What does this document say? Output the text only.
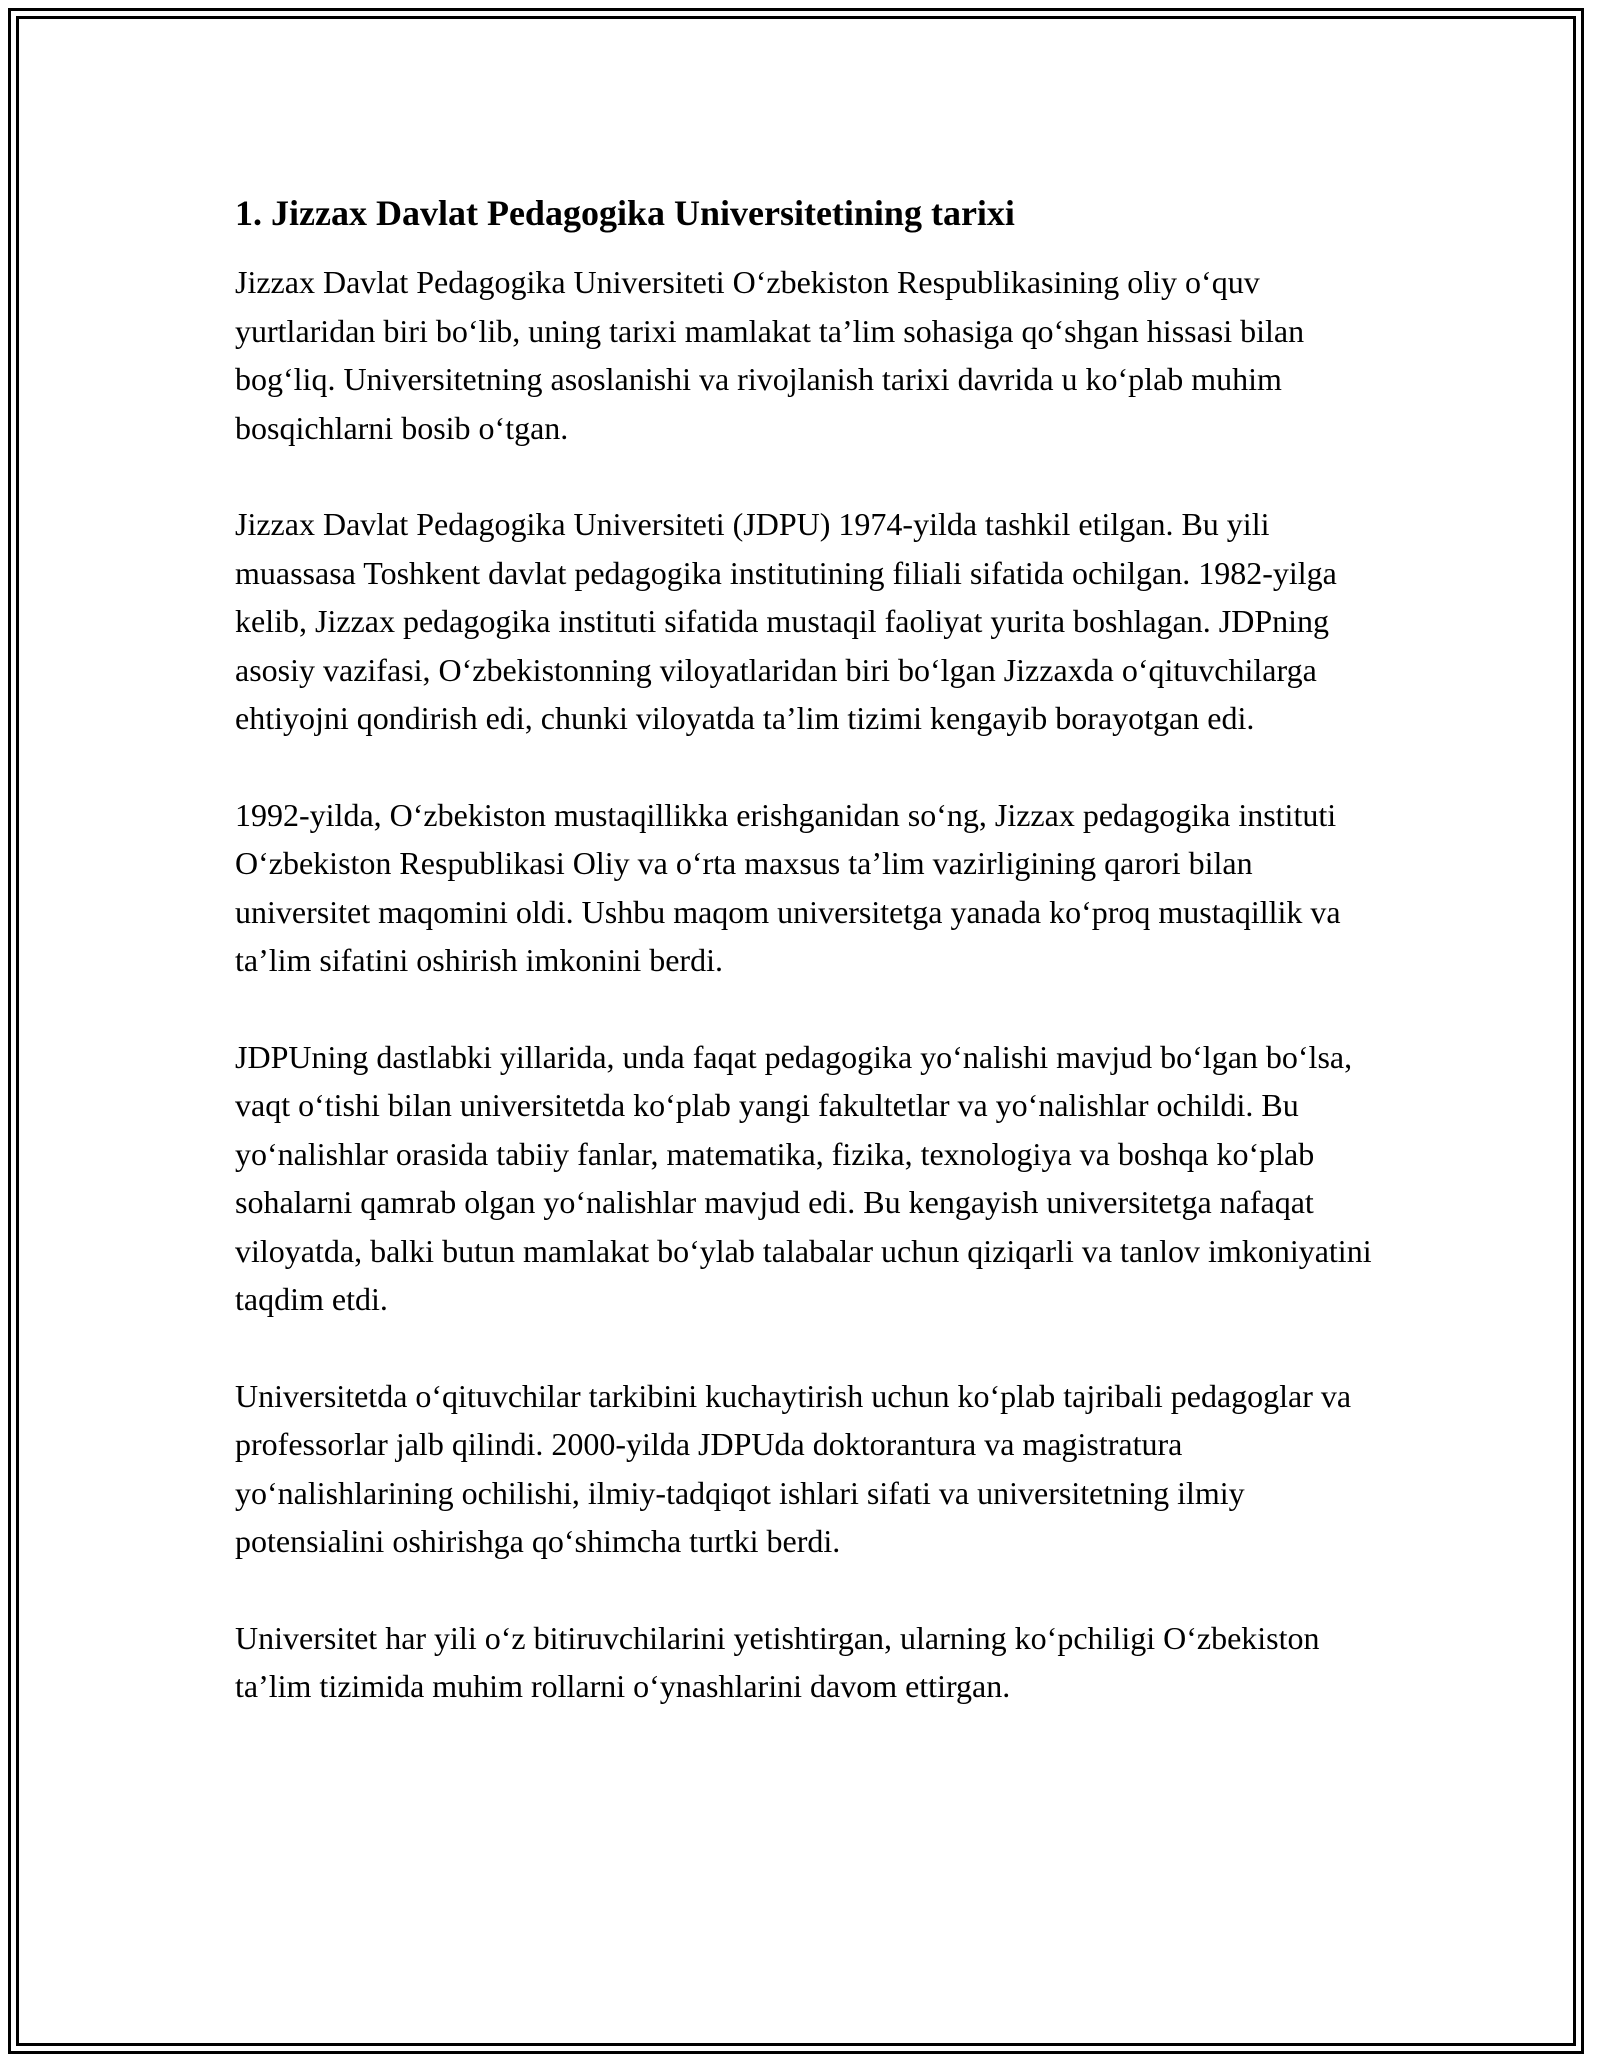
1. Jizzax Davlat Pedagogika Universitetining tarixi

Jizzax Davlat Pedagogika Universiteti O‘zbekiston Respublikasining oliy o‘quv yurtlaridan biri bo‘lib, uning tarixi mamlakat ta’lim sohasiga qo‘shgan hissasi bilan bog‘liq. Universitetning asoslanishi va rivojlanish tarixi davrida u ko‘plab muhim bosqichlarni bosib o‘tgan.

Jizzax Davlat Pedagogika Universiteti (JDPU) 1974-yilda tashkil etilgan. Bu yili muassasa Toshkent davlat pedagogika institutining filiali sifatida ochilgan. 1982-yilga kelib, Jizzax pedagogika instituti sifatida mustaqil faoliyat yurita boshlagan. JDPning asosiy vazifasi, O‘zbekistonning viloyatlaridan biri bo‘lgan Jizzaxda o‘qituvchilarga ehtiyojni qondirish edi, chunki viloyatda ta’lim tizimi kengayib borayotgan edi.

1992-yilda, O‘zbekiston mustaqillikka erishganidan so‘ng, Jizzax pedagogika instituti O‘zbekiston Respublikasi Oliy va o‘rta maxsus ta’lim vazirligining qarori bilan universitet maqomini oldi. Ushbu maqom universitetga yanada ko‘proq mustaqillik va ta’lim sifatini oshirish imkonini berdi.

JDPUning dastlabki yillarida, unda faqat pedagogika yo‘nalishi mavjud bo‘lgan bo‘lsa, vaqt o‘tishi bilan universitetda ko‘plab yangi fakultetlar va yo‘nalishlar ochildi. Bu yo‘nalishlar orasida tabiiy fanlar, matematika, fizika, texnologiya va boshqa ko‘plab sohalarni qamrab olgan yo‘nalishlar mavjud edi. Bu kengayish universitetga nafaqat viloyatda, balki butun mamlakat bo‘ylab talabalar uchun qiziqarli va tanlov imkoniyatini taqdim etdi.

Universitetda o‘qituvchilar tarkibini kuchaytirish uchun ko‘plab tajribali pedagoglar va professorlar jalb qilindi. 2000-yilda JDPUda doktorantura va magistratura yo‘nalishlarining ochilishi, ilmiy-tadqiqot ishlari sifati va universitetning ilmiy potensialini oshirishga qo‘shimcha turtki berdi.

Universitet har yili o‘z bitiruvchilarini yetishtirgan, ularning ko‘pchiligi O‘zbekiston ta’lim tizimida muhim rollarni o‘ynashlarini davom ettirgan.
